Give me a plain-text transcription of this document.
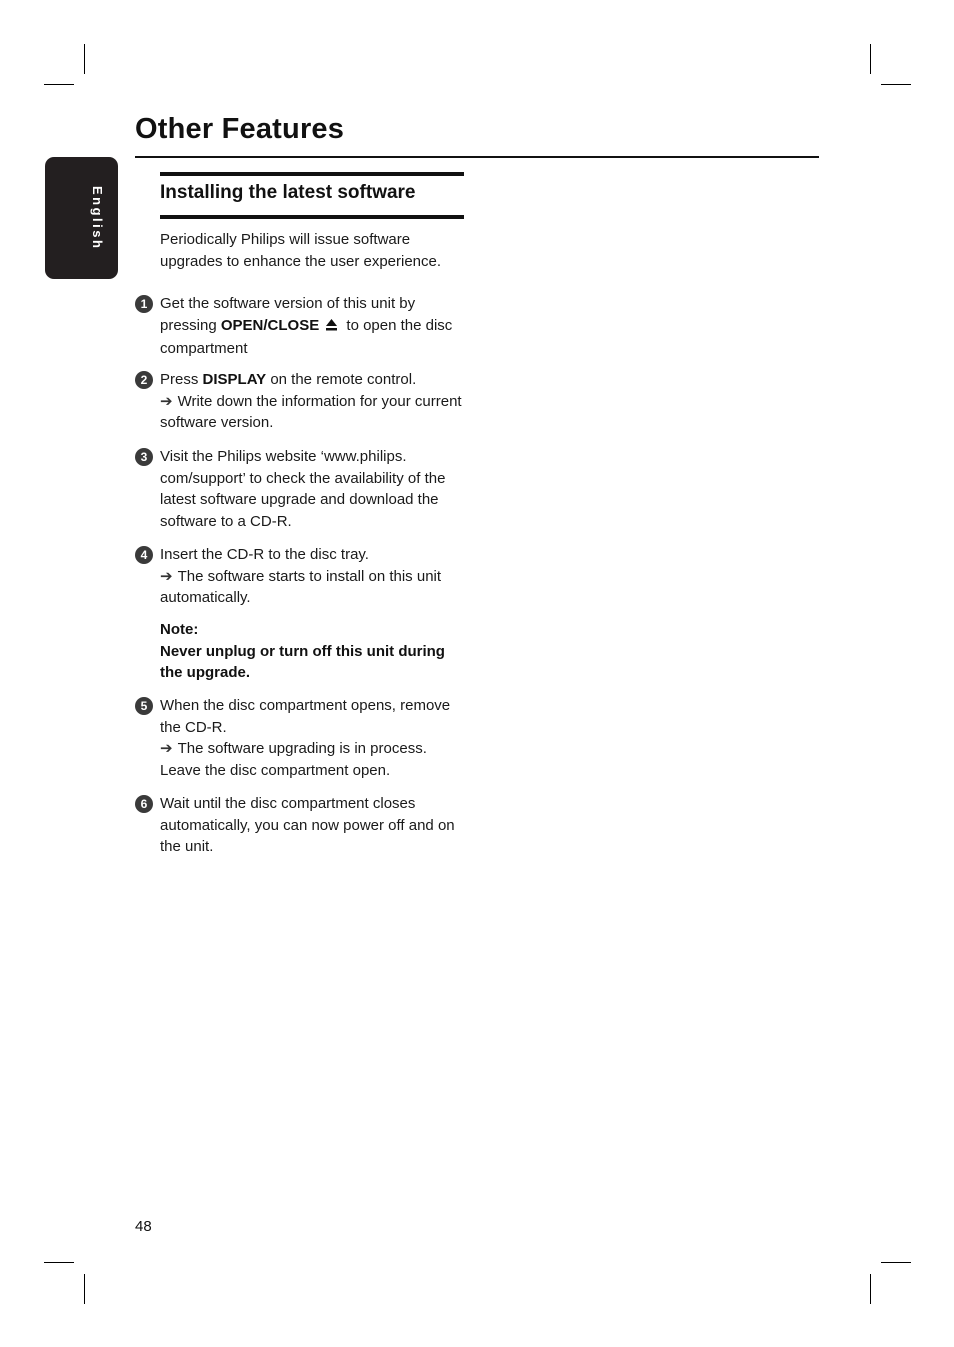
Other Features
English	Installing the latest software
Periodically Philips will issue software upgrades to enhance the user experience.
1 Get the software version of this unit by pressing OPEN/CLOSE to open the disc compartment
2 Press DISPLAY on the remote control.
➔ Write down the information for your current software version.
3 Visit the Philips website ‘www.philips. com/support’ to check the availability of the latest software upgrade and download the software to a CD-R.
4 Insert the CD-R to the disc tray.
➔ The software starts to install on this unit automatically.
Note:
Never unplug or turn off this unit during the upgrade.
5 When the disc compartment opens, remove the CD-R.
➔ The software upgrading is in process. Leave the disc compartment open.
6 Wait until the disc compartment closes automatically, you can now power off and on the unit.
48
